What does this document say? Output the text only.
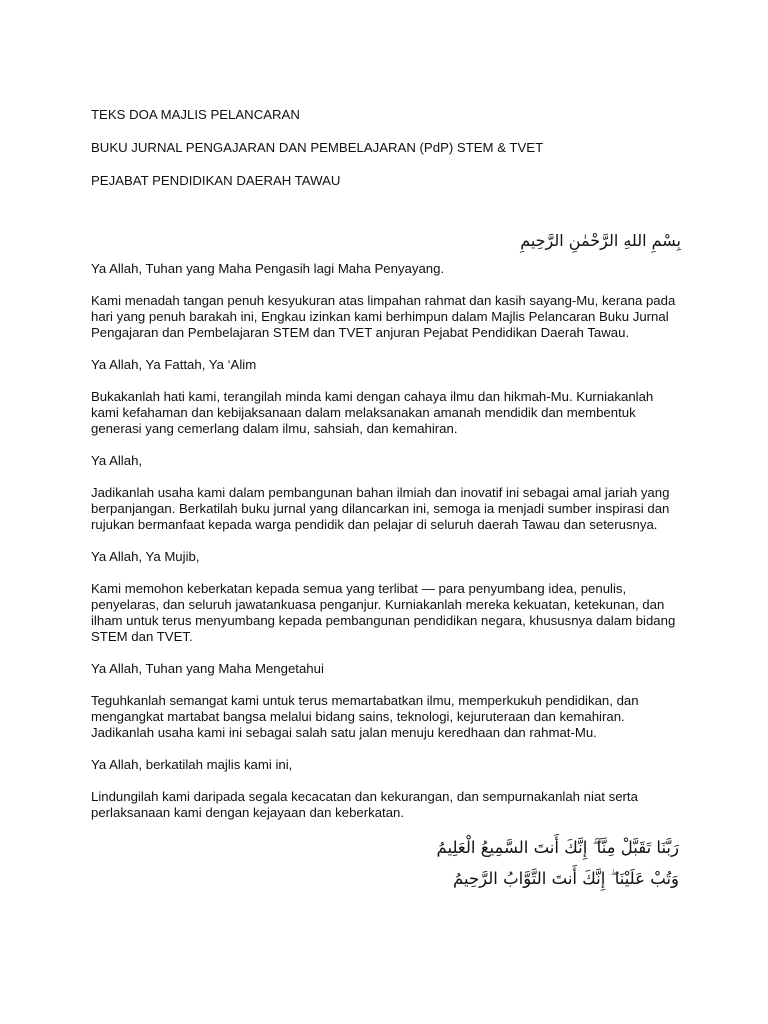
TEKS DOA MAJLIS PELANCARAN

BUKU JURNAL PENGAJARAN DAN PEMBELAJARAN (PdP) STEM & TVET

PEJABAT PENDIDIKAN DAERAH TAWAU

بِسْمِ اللهِ الرَّحْمٰنِ الرَّحِيمِ

Ya Allah, Tuhan yang Maha Pengasih lagi Maha Penyayang.

Kami menadah tangan penuh kesyukuran atas limpahan rahmat dan kasih sayang-Mu, kerana pada hari yang penuh barakah ini, Engkau izinkan kami berhimpun dalam Majlis Pelancaran Buku Jurnal Pengajaran dan Pembelajaran STEM dan TVET anjuran Pejabat Pendidikan Daerah Tawau.

Ya Allah, Ya Fattah, Ya ‘Alim

Bukakanlah hati kami, terangilah minda kami dengan cahaya ilmu dan hikmah-Mu. Kurniakanlah kami kefahaman dan kebijaksanaan dalam melaksanakan amanah mendidik dan membentuk generasi yang cemerlang dalam ilmu, sahsiah, dan kemahiran.

Ya Allah,

Jadikanlah usaha kami dalam pembangunan bahan ilmiah dan inovatif ini sebagai amal jariah yang berpanjangan. Berkatilah buku jurnal yang dilancarkan ini, semoga ia menjadi sumber inspirasi dan rujukan bermanfaat kepada warga pendidik dan pelajar di seluruh daerah Tawau dan seterusnya.

Ya Allah, Ya Mujib,

Kami memohon keberkatan kepada semua yang terlibat — para penyumbang idea, penulis, penyelaras, dan seluruh jawatankuasa penganjur. Kurniakanlah mereka kekuatan, ketekunan, dan ilham untuk terus menyumbang kepada pembangunan pendidikan negara, khususnya dalam bidang STEM dan TVET.

Ya Allah, Tuhan yang Maha Mengetahui

Teguhkanlah semangat kami untuk terus memartabatkan ilmu, memperkukuh pendidikan, dan mengangkat martabat bangsa melalui bidang sains, teknologi, kejuruteraan dan kemahiran. Jadikanlah usaha kami ini sebagai salah satu jalan menuju keredhaan dan rahmat-Mu.

Ya Allah, berkatilah majlis kami ini,

Lindungilah kami daripada segala kecacatan dan kekurangan, dan sempurnakanlah niat serta perlaksanaan kami dengan kejayaan dan keberkatan.

رَبَّنَا تَقَبَّلْ مِنَّآ ۖ إِنَّكَ أَنتَ السَّمِيعُ الْعَلِيمُ

وَتُبْ عَلَيْنَا ۖ إِنَّكَ أَنتَ التَّوَّابُ الرَّحِيمُ
